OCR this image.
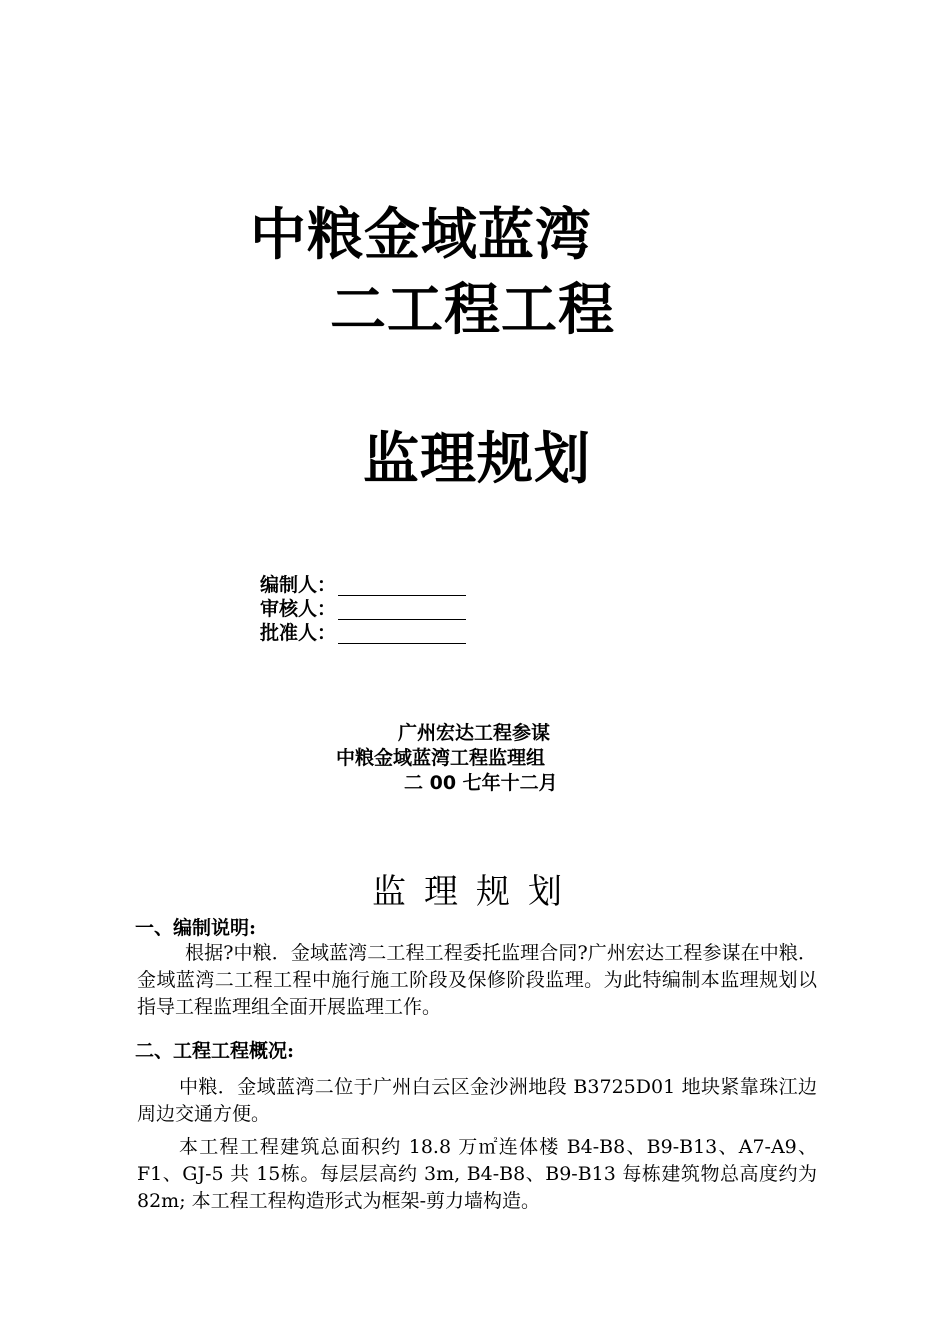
中粮金域蓝湾
二工程工程
监理规划
编制人：
审核人：
批准人：
广州宏达工程参谋
中粮金域蓝湾工程监理组
二 00 七年十二月
监理规划
一、编制说明:
根据?中粮．金域蓝湾二工程工程委托监理合同?广州宏达工程参谋在中粮．金域蓝湾二工程工程中施行施工阶段及保修阶段监理。为此特编制本监理规划以指导工程监理组全面开展监理工作。
二、工程工程概况:
中粮．金域蓝湾二位于广州白云区金沙洲地段 B3725D01 地块紧靠珠江边周边交通方便。
本工程工程建筑总面积约 18.8 万㎡连体楼 B4-B8、B9-B13、A7-A9、F1、GJ-5 共 15栋。每层层高约 3m, B4-B8、B9-B13 每栋建筑物总高度约为 82m; 本工程工程构造形式为框架-剪力墙构造。
